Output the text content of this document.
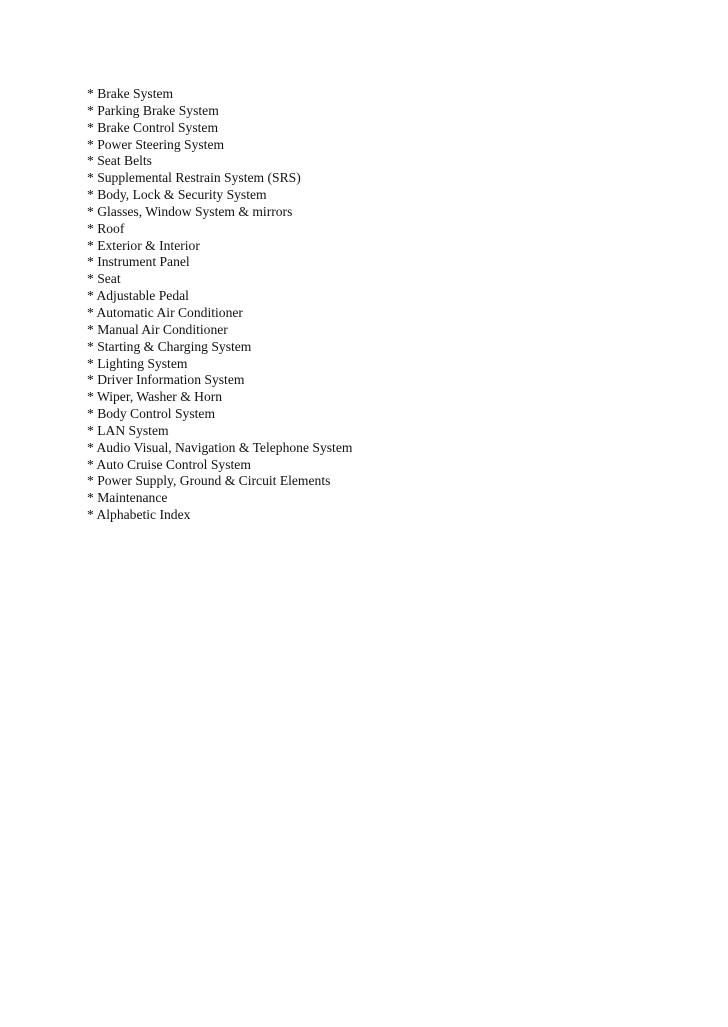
* Brake System
* Parking Brake System
* Brake Control System
* Power Steering System
* Seat Belts
* Supplemental Restrain System (SRS)
* Body, Lock & Security System
* Glasses, Window System & mirrors
* Roof
* Exterior & Interior
* Instrument Panel
* Seat
* Adjustable Pedal
* Automatic Air Conditioner
* Manual Air Conditioner
* Starting & Charging System
* Lighting System
* Driver Information System
* Wiper, Washer & Horn
* Body Control System
* LAN System
* Audio Visual, Navigation & Telephone System
* Auto Cruise Control System
* Power Supply, Ground & Circuit Elements
* Maintenance
* Alphabetic Index
